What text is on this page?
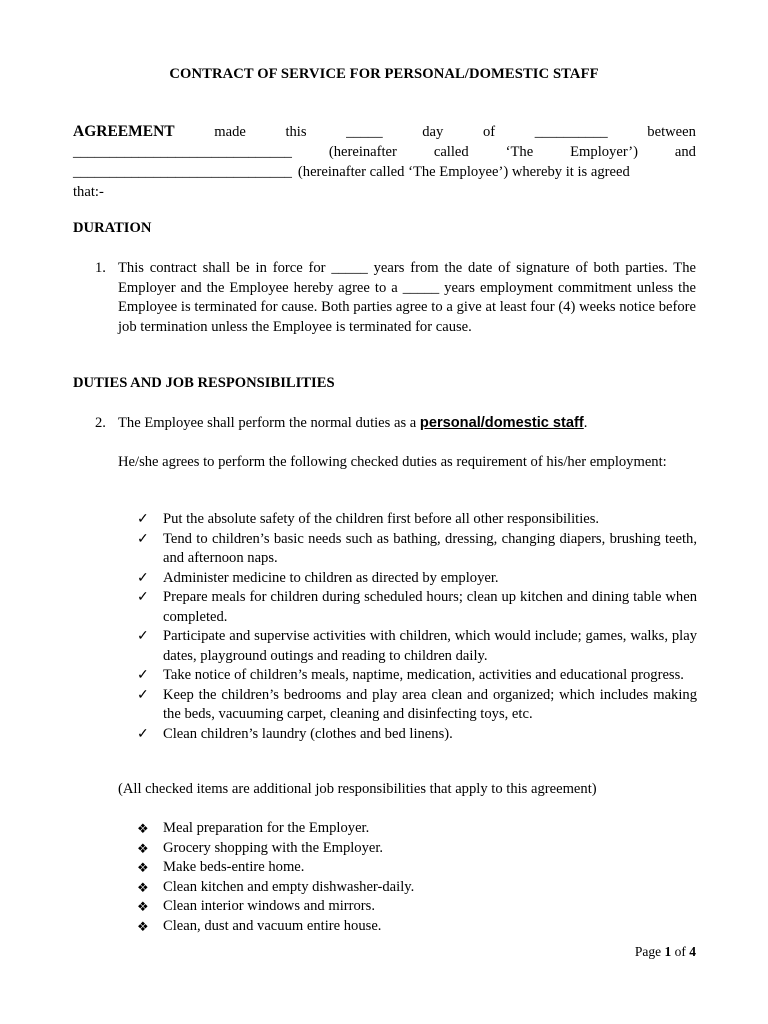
CONTRACT OF SERVICE FOR PERSONAL/DOMESTIC STAFF
AGREEMENT	made	this	_____	day	of	__________	between
______________________________	(hereinafter	called	‘The	Employer’)	and
______________________________ (hereinafter called ‘The Employee’) whereby it is agreed
that:-
DURATION
1. This contract shall be in force for _____ years from the date of signature of both parties. The Employer and the Employee hereby agree to a _____ years employment commitment unless the Employee is terminated for cause. Both parties agree to a give at least four (4) weeks notice before job termination unless the Employee is terminated for cause.
DUTIES AND JOB RESPONSIBILITIES
2. The Employee shall perform the normal duties as a personal/domestic staff.
He/she agrees to perform the following checked duties as requirement of his/her employment:
✓ Put the absolute safety of the children first before all other responsibilities.
✓ Tend to children’s basic needs such as bathing, dressing, changing diapers, brushing teeth, and afternoon naps.
✓ Administer medicine to children as directed by employer.
✓ Prepare meals for children during scheduled hours; clean up kitchen and dining table when completed.
✓ Participate and supervise activities with children, which would include; games, walks, play dates, playground outings and reading to children daily.
✓ Take notice of children’s meals, naptime, medication, activities and educational progress.
✓ Keep the children’s bedrooms and play area clean and organized; which includes making the beds, vacuuming carpet, cleaning and disinfecting toys, etc.
✓ Clean children’s laundry (clothes and bed linens).
(All checked items are additional job responsibilities that apply to this agreement)
❖ Meal preparation for the Employer.
❖ Grocery shopping with the Employer.
❖ Make beds-entire home.
❖ Clean kitchen and empty dishwasher-daily.
❖ Clean interior windows and mirrors.
❖ Clean, dust and vacuum entire house.
Page 1 of 4
